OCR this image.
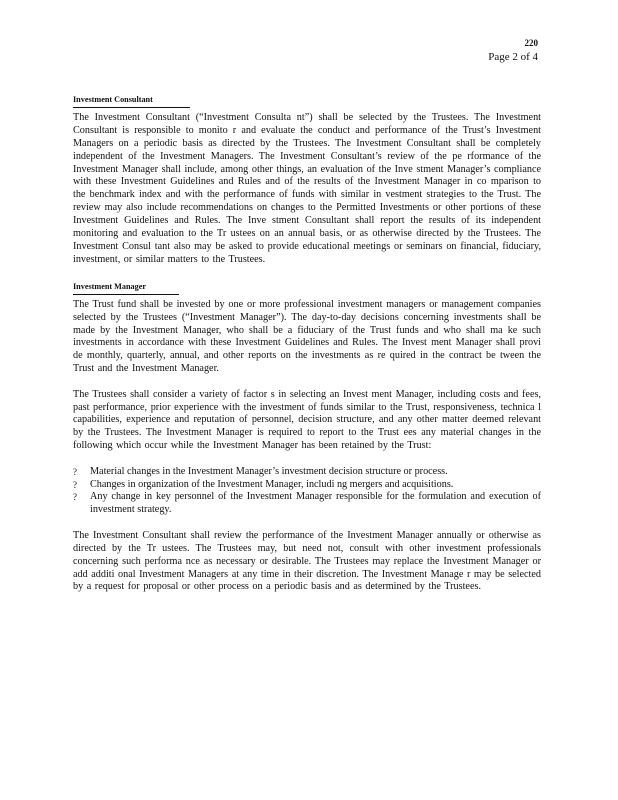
220
Page 2 of 4
Investment Consultant

The Investment Consultant (“Investment Consulta nt”) shall be selected by the Trustees. The Investment Consultant is responsible to monito r and evaluate the conduct and performance of the Trust’s Investment Managers on a periodic basis as directed by the Trustees. The Investment Consultant shall be completely independent of the Investment Managers. The Investment Consultant’s review of the pe rformance of the Investment Manager shall include, among other things, an evaluation of the Inve stment Manager’s compliance with these Investment Guidelines and Rules and of the results of the Investment Manager in co mparison to the benchmark index and with the performance of funds with similar in vestment strategies to the Trust. The review may also include recommendations on changes to the Permitted Investments or other portions of these Investment Guidelines and Rules. The Inve stment Consultant shall report the results of its independent monitoring and evaluation to the Tr ustees on an annual basis, or as otherwise directed by the Trustees. The Investment Consul tant also may be asked to provide educational meetings or seminars on financial, fiduciary, investment, or similar matters to the Trustees.

Investment Manager

The Trust fund shall be invested by one or more professional investment managers or management companies selected by the Trustees (“Investment Manager”). The day-to-day decisions concerning investments shall be made by the Investment Manager, who shall be a fiduciary of the Trust funds and who shall ma ke such investments in accordance with these Investment Guidelines and Rules. The Invest ment Manager shall provi de monthly, quarterly, annual, and other reports on the investments as re quired in the contract be tween the Trust and the Investment Manager.

The Trustees shall consider a variety of factor s in selecting an Invest ment Manager, including costs and fees, past performance, prior experience with the investment of funds similar to the Trust, responsiveness, technica l capabilities, experience and reputation of personnel, decision structure, and any other matter deemed relevant by the Trustees. The Investment Manager is required to report to the Trust ees any material changes in the following which occur while the Investment Manager has been retained by the Trust:

? Material changes in the Investment Manager’s investment decision structure or process.
? Changes in organization of the Investment Manager, includi ng mergers and acquisitions.
? Any change in key personnel of the Investment Manager responsible for the formulation and execution of investment strategy.

The Investment Consultant shall review the performance of the Investment Manager annually or otherwise as directed by the Tr ustees. The Trustees may, but need not, consult with other investment professionals concerning such performa nce as necessary or desirable. The Trustees may replace the Investment Manager or add additi onal Investment Managers at any time in their discretion. The Investment Manage r may be selected by a request for proposal or other process on a periodic basis and as determined by the Trustees.
